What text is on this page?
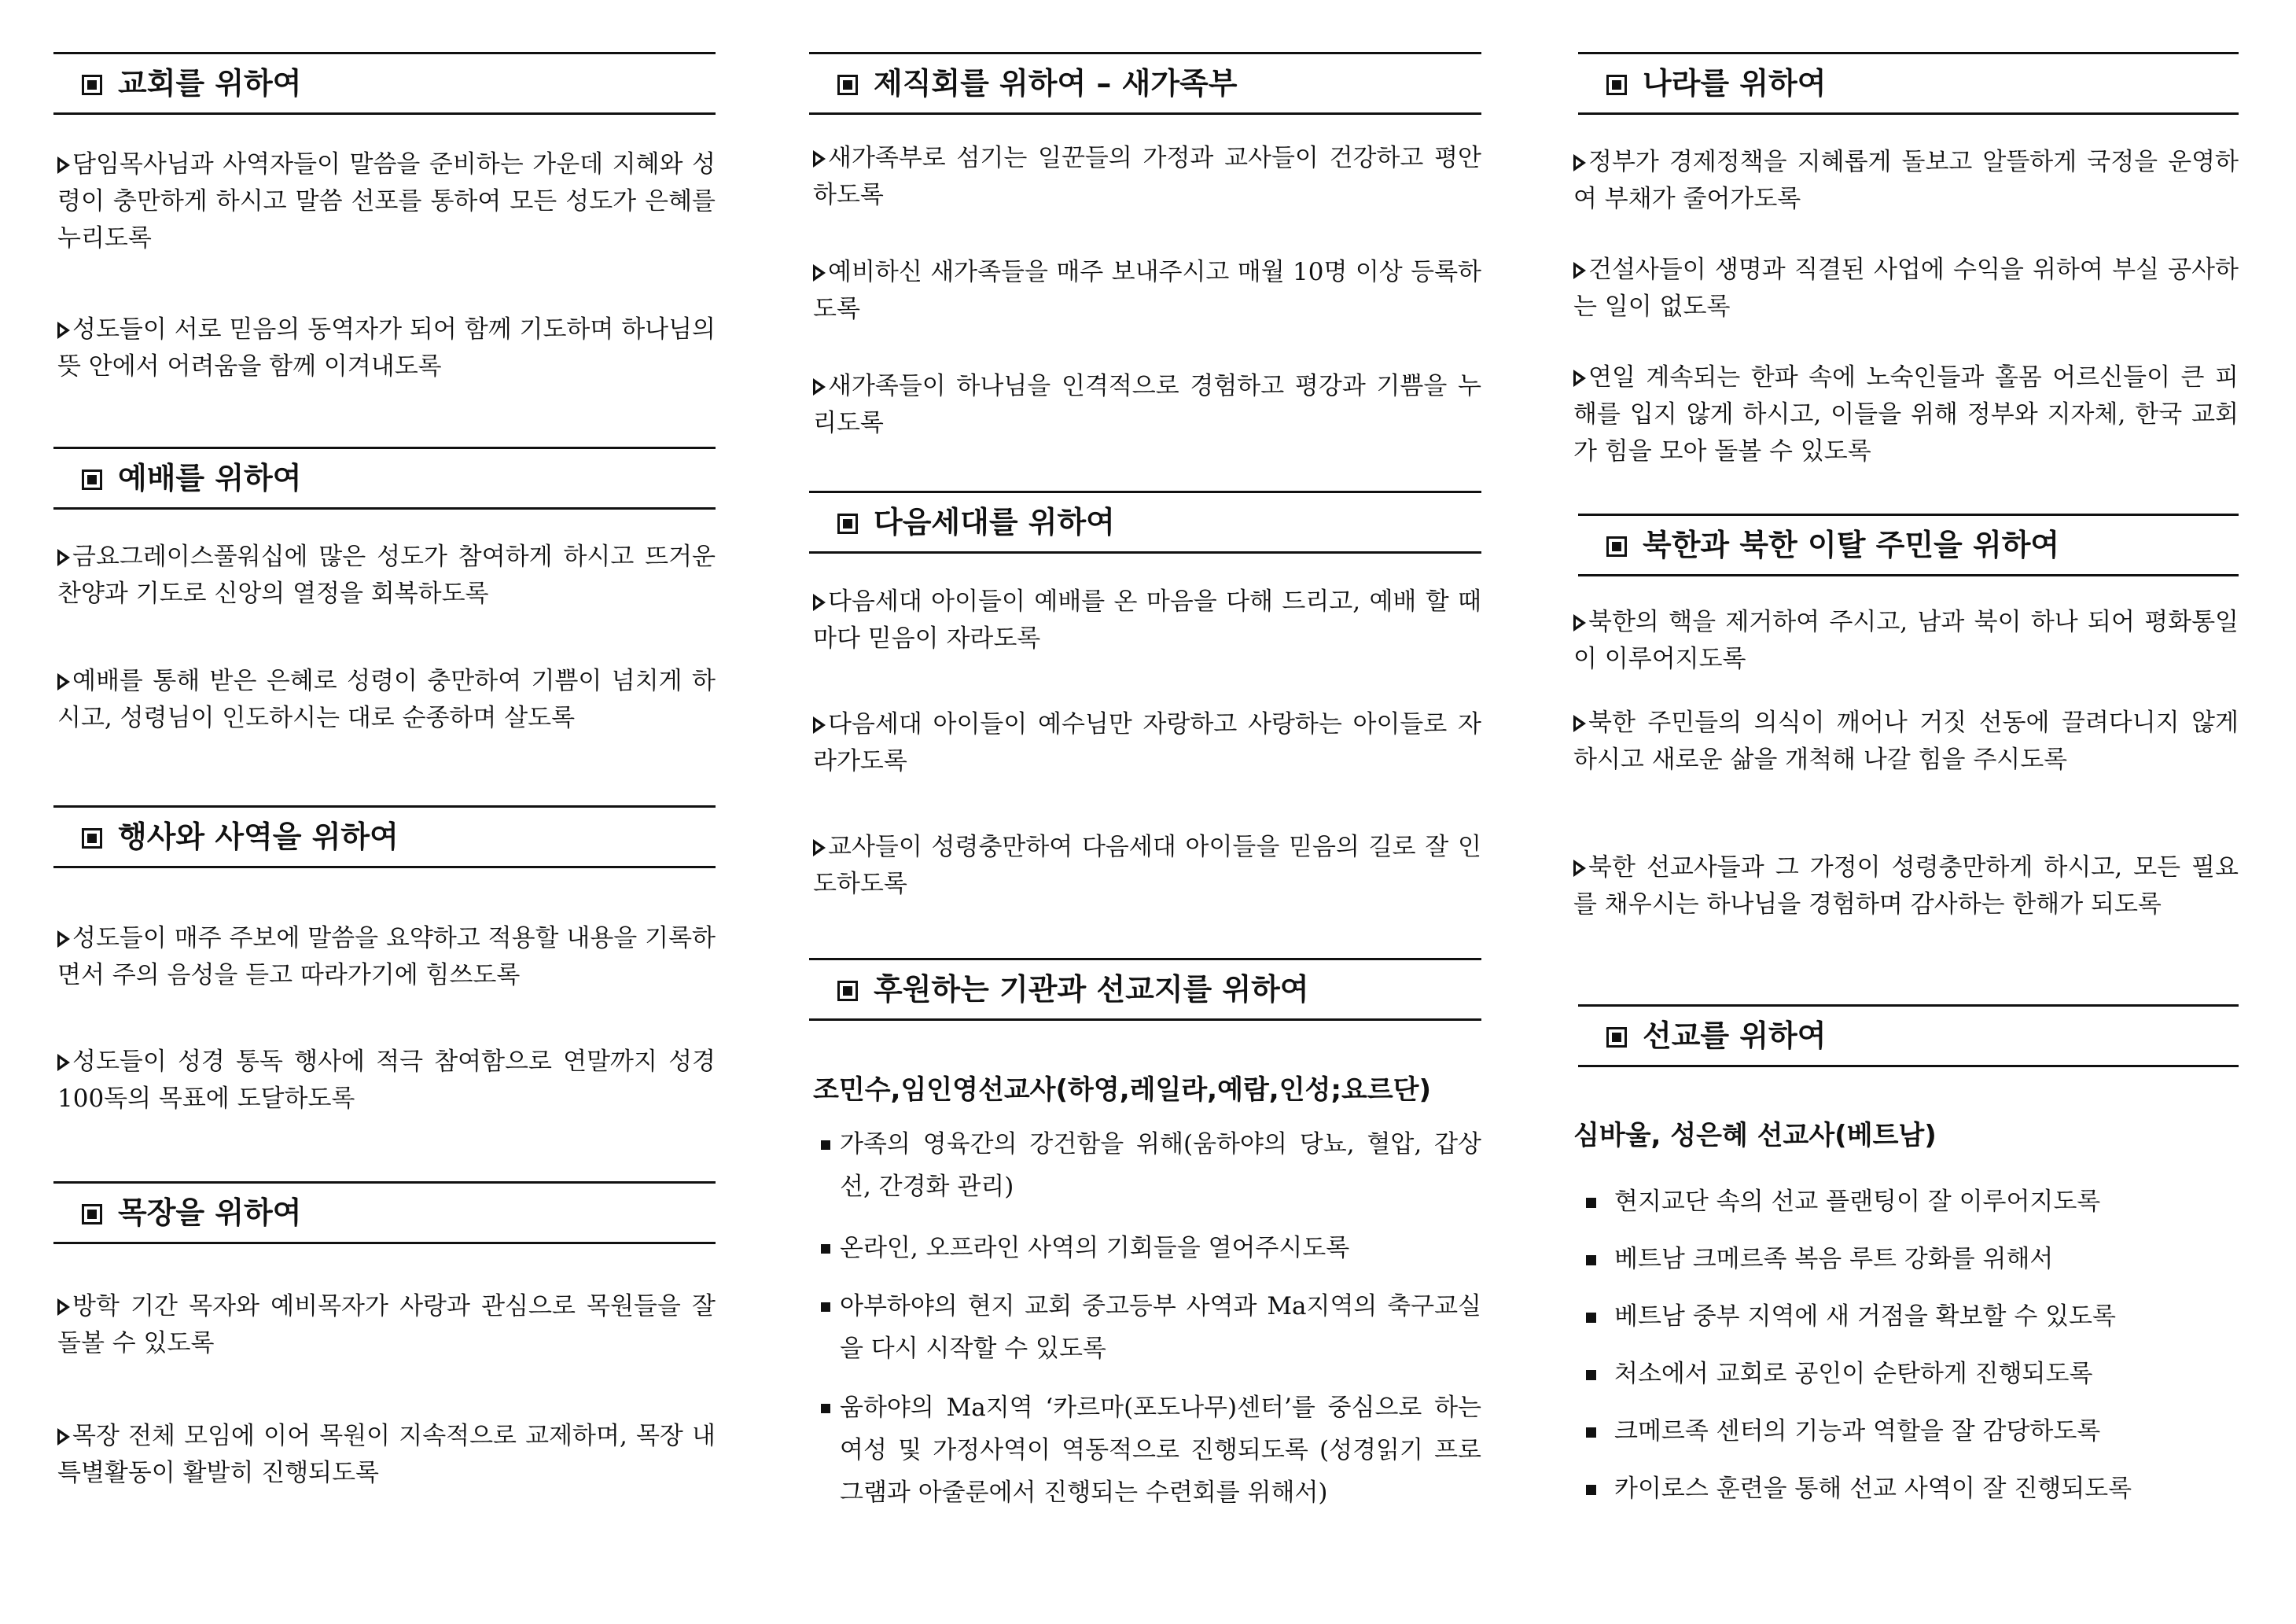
교회를 위하여
담임목사님과 사역자들이 말씀을 준비하는 가운데 지혜와 성령이 충만하게 하시고 말씀 선포를 통하여 모든 성도가 은혜를 누리도록
성도들이 서로 믿음의 동역자가 되어 함께 기도하며 하나님의 뜻 안에서 어려움을 함께 이겨내도록
예배를 위하여
금요그레이스풀워십에 많은 성도가 참여하게 하시고 뜨거운 찬양과 기도로 신앙의 열정을 회복하도록
예배를 통해 받은 은혜로 성령이 충만하여 기쁨이 넘치게 하시고, 성령님이 인도하시는 대로 순종하며 살도록
행사와 사역을 위하여
성도들이 매주 주보에 말씀을 요약하고 적용할 내용을 기록하면서 주의 음성을 듣고 따라가기에 힘쓰도록
성도들이 성경 통독 행사에 적극 참여함으로 연말까지 성경 100독의 목표에 도달하도록
목장을 위하여
방학 기간 목자와 예비목자가 사랑과 관심으로 목원들을 잘 돌볼 수 있도록
목장 전체 모임에 이어 목원이 지속적으로 교제하며, 목장 내 특별활동이 활발히 진행되도록
제직회를 위하여 – 새가족부
새가족부로 섬기는 일꾼들의 가정과 교사들이 건강하고 평안하도록
예비하신 새가족들을 매주 보내주시고 매월 10명 이상 등록하도록
새가족들이 하나님을 인격적으로 경험하고 평강과 기쁨을 누리도록
다음세대를 위하여
다음세대 아이들이 예배를 온 마음을 다해 드리고, 예배 할 때마다 믿음이 자라도록
다음세대 아이들이 예수님만 자랑하고 사랑하는 아이들로 자라가도록
교사들이 성령충만하여 다음세대 아이들을 믿음의 길로 잘 인도하도록
후원하는 기관과 선교지를 위하여
조민수,임인영선교사(하영,레일라,예람,인성;요르단)
가족의 영육간의 강건함을 위해(움하야의 당뇨, 혈압, 갑상선, 간경화 관리)
온라인, 오프라인 사역의 기회들을 열어주시도록
아부하야의 현지 교회 중고등부 사역과 Ma지역의 축구교실을 다시 시작할 수 있도록
움하야의 Ma지역 ‘카르마(포도나무)센터’를 중심으로 하는 여성 및 가정사역이 역동적으로 진행되도록 (성경읽기 프로그램과 아줄룬에서 진행되는 수련회를 위해서)
나라를 위하여
정부가 경제정책을 지혜롭게 돌보고 알뜰하게 국정을 운영하여 부채가 줄어가도록
건설사들이 생명과 직결된 사업에 수익을 위하여 부실 공사하는 일이 없도록
연일 계속되는 한파 속에 노숙인들과 홀몸 어르신들이 큰 피해를 입지 않게 하시고, 이들을 위해 정부와 지자체, 한국 교회가 힘을 모아 돌볼 수 있도록
북한과 북한 이탈 주민을 위하여
북한의 핵을 제거하여 주시고, 남과 북이 하나 되어 평화통일이 이루어지도록
북한 주민들의 의식이 깨어나 거짓 선동에 끌려다니지 않게 하시고 새로운 삶을 개척해 나갈 힘을 주시도록
북한 선교사들과 그 가정이 성령충만하게 하시고, 모든 필요를 채우시는 하나님을 경험하며 감사하는 한해가 되도록
선교를 위하여
심바울, 성은혜 선교사(베트남)
현지교단 속의 선교 플랜팅이 잘 이루어지도록
베트남 크메르족 복음 루트 강화를 위해서
베트남 중부 지역에 새 거점을 확보할 수 있도록
처소에서 교회로 공인이 순탄하게 진행되도록
크메르족 센터의 기능과 역할을 잘 감당하도록
카이로스 훈련을 통해 선교 사역이 잘 진행되도록
